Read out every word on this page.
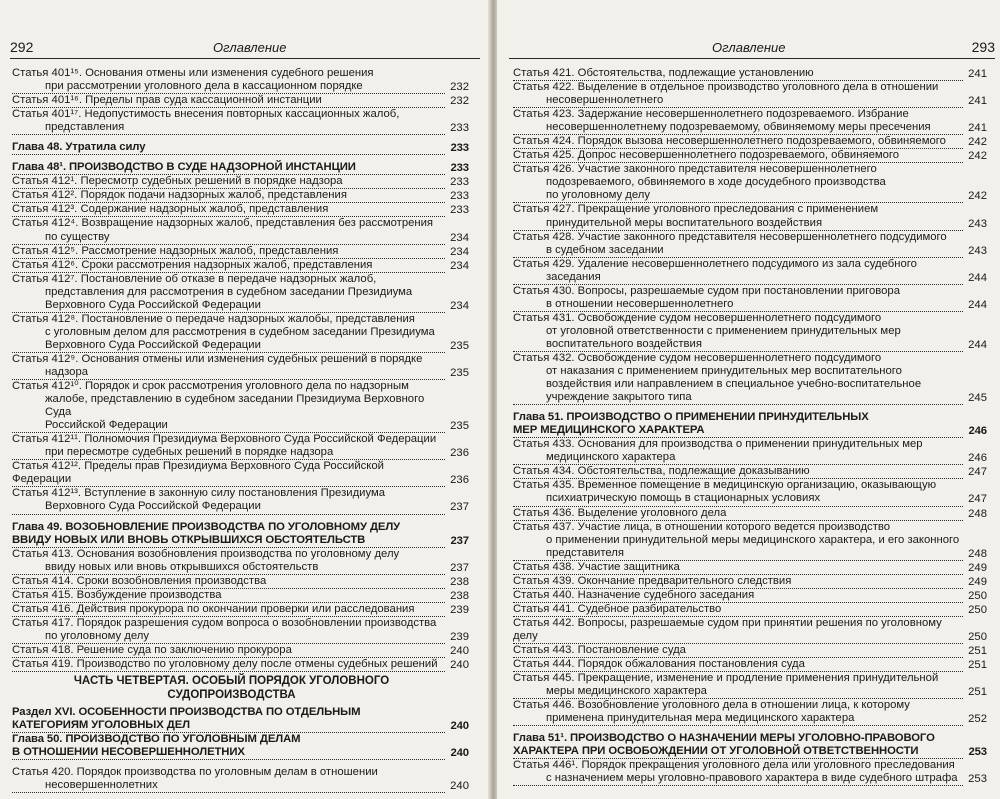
292	Оглавление
Статья 401¹⁵. Основания отмены или изменения судебного решения
при рассмотрении уголовного дела в кассационном порядке	232
Статья 401¹⁶. Пределы прав суда кассационной инстанции	232
Статья 401¹⁷. Недопустимость внесения повторных кассационных жалоб,
представления	233
Глава 48. Утратила силу	233
Глава 48¹. ПРОИЗВОДСТВО В СУДЕ НАДЗОРНОЙ ИНСТАНЦИИ	233
Статья 412¹. Пересмотр судебных решений в порядке надзора	233
Статья 412². Порядок подачи надзорных жалоб, представления	233
Статья 412³. Содержание надзорных жалоб, представления	233
Статья 412⁴. Возвращение надзорных жалоб, представления без рассмотрения
по существу	234
Статья 412⁵. Рассмотрение надзорных жалоб, представления	234
Статья 412⁶. Сроки рассмотрения надзорных жалоб, представления	234
Статья 412⁷. Постановление об отказе в передаче надзорных жалоб,
представления для рассмотрения в судебном заседании Президиума
Верховного Суда Российской Федерации	234
Статья 412⁸. Постановление о передаче надзорных жалобы, представления
с уголовным делом для рассмотрения в судебном заседании Президиума
Верховного Суда Российской Федерации	235
Статья 412⁹. Основания отмены или изменения судебных решений в порядке
надзора	235
Статья 412¹⁰. Порядок и срок рассмотрения уголовного дела по надзорным
жалобе, представлению в судебном заседании Президиума Верховного Суда
Российской Федерации	235
Статья 412¹¹. Полномочия Президиума Верховного Суда Российской Федерации
при пересмотре судебных решений в порядке надзора	236
Статья 412¹². Пределы прав Президиума Верховного Суда Российской Федерации	236
Статья 412¹³. Вступление в законную силу постановления Президиума
Верховного Суда Российской Федерации	237
Глава 49. ВОЗОБНОВЛЕНИЕ ПРОИЗВОДСТВА ПО УГОЛОВНОМУ ДЕЛУ
ВВИДУ НОВЫХ ИЛИ ВНОВЬ ОТКРЫВШИХСЯ ОБСТОЯТЕЛЬСТВ	237
Статья 413. Основания возобновления производства по уголовному делу
ввиду новых или вновь открывшихся обстоятельств	237
Статья 414. Сроки возобновления производства	238
Статья 415. Возбуждение производства	238
Статья 416. Действия прокурора по окончании проверки или расследования	239
Статья 417. Порядок разрешения судом вопроса о возобновлении производства
по уголовному делу	239
Статья 418. Решение суда по заключению прокурора	240
Статья 419. Производство по уголовному делу после отмены судебных решений	240
ЧАСТЬ ЧЕТВЕРТАЯ. ОСОБЫЙ ПОРЯДОК УГОЛОВНОГО
СУДОПРОИЗВОДСТВА
Раздел XVI. ОСОБЕННОСТИ ПРОИЗВОДСТВА ПО ОТДЕЛЬНЫМ
КАТЕГОРИЯМ УГОЛОВНЫХ ДЕЛ	240
Глава 50. ПРОИЗВОДСТВО ПО УГОЛОВНЫМ ДЕЛАМ
В ОТНОШЕНИИ НЕСОВЕРШЕННОЛЕТНИХ	240
Статья 420. Порядок производства по уголовным делам в отношении
несовершеннолетних	240
Оглавление	293
Статья 421. Обстоятельства, подлежащие установлению	241
Статья 422. Выделение в отдельное производство уголовного дела в отношении
несовершеннолетнего	241
Статья 423. Задержание несовершеннолетнего подозреваемого. Избрание
несовершеннолетнему подозреваемому, обвиняемому меры пресечения	241
Статья 424. Порядок вызова несовершеннолетнего подозреваемого, обвиняемого	242
Статья 425. Допрос несовершеннолетнего подозреваемого, обвиняемого	242
Статья 426. Участие законного представителя несовершеннолетнего
подозреваемого, обвиняемого в ходе досудебного производства
по уголовному делу	242
Статья 427. Прекращение уголовного преследования с применением
принудительной меры воспитательного воздействия	243
Статья 428. Участие законного представителя несовершеннолетнего подсудимого
в судебном заседании	243
Статья 429. Удаление несовершеннолетнего подсудимого из зала судебного
заседания	244
Статья 430. Вопросы, разрешаемые судом при постановлении приговора
в отношении несовершеннолетнего	244
Статья 431. Освобождение судом несовершеннолетнего подсудимого
от уголовной ответственности с применением принудительных мер
воспитательного воздействия	244
Статья 432. Освобождение судом несовершеннолетнего подсудимого
от наказания с применением принудительных мер воспитательного
воздействия или направлением в специальное учебно-воспитательное
учреждение закрытого типа	245
Глава 51. ПРОИЗВОДСТВО О ПРИМЕНЕНИИ ПРИНУДИТЕЛЬНЫХ
МЕР МЕДИЦИНСКОГО ХАРАКТЕРА	246
Статья 433. Основания для производства о применении принудительных мер
медицинского характера	246
Статья 434. Обстоятельства, подлежащие доказыванию	247
Статья 435. Временное помещение в медицинскую организацию, оказывающую
психиатрическую помощь в стационарных условиях	247
Статья 436. Выделение уголовного дела	248
Статья 437. Участие лица, в отношении которого ведется производство
о применении принудительной меры медицинского характера, и его законного
представителя	248
Статья 438. Участие защитника	249
Статья 439. Окончание предварительного следствия	249
Статья 440. Назначение судебного заседания	250
Статья 441. Судебное разбирательство	250
Статья 442. Вопросы, разрешаемые судом при принятии решения по уголовному делу	250
Статья 443. Постановление суда	251
Статья 444. Порядок обжалования постановления суда	251
Статья 445. Прекращение, изменение и продление применения принудительной
меры медицинского характера	251
Статья 446. Возобновление уголовного дела в отношении лица, к которому
применена принудительная мера медицинского характера	252
Глава 51¹. ПРОИЗВОДСТВО О НАЗНАЧЕНИИ МЕРЫ УГОЛОВНО-ПРАВОВОГО
ХАРАКТЕРА ПРИ ОСВОБОЖДЕНИИ ОТ УГОЛОВНОЙ ОТВЕТСТВЕННОСТИ	253
Статья 446¹. Порядок прекращения уголовного дела или уголовного преследования
с назначением меры уголовно-правового характера в виде судебного штрафа 253
